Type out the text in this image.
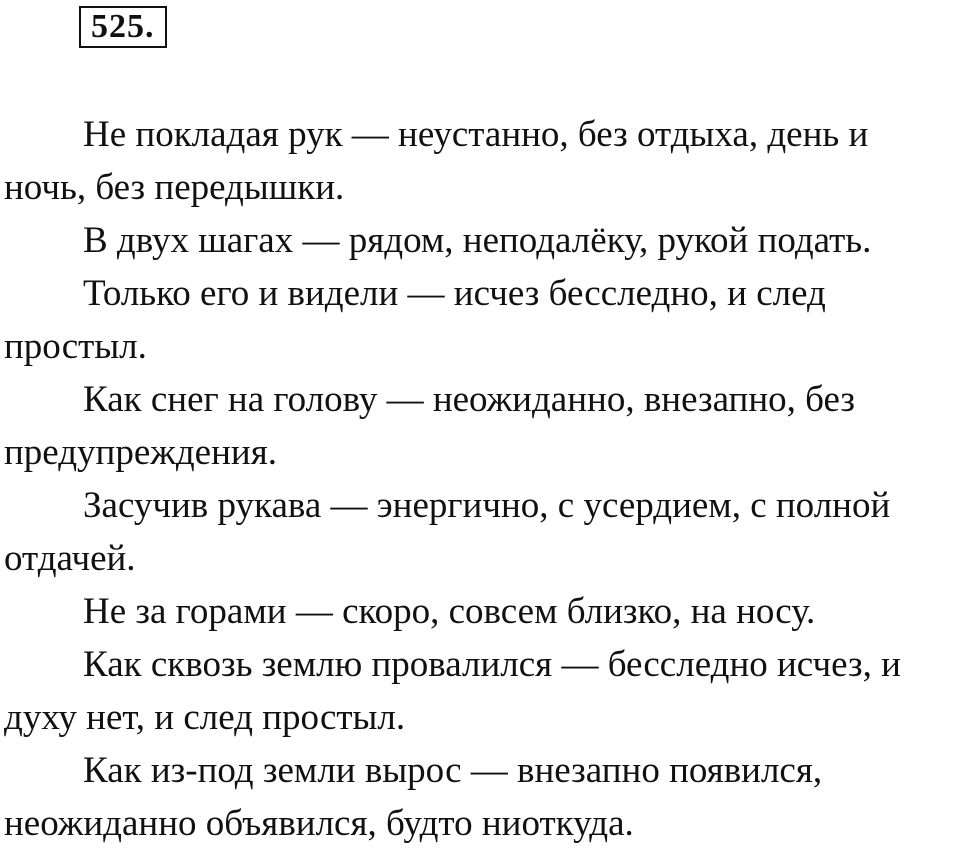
525.

Не покладая рук — неустанно, без отдыха, день и
ночь, без передышки.

В двух шагах — рядом, неподалёку, рукой подать.

Только его и видели — исчез бесследно, и след
простыл.

Как снег на голову — неожиданно, внезапно, без
предупреждения.

Засучив рукава — энергично, с усердием, с полной
отдачей.

Не за горами — скоро, совсем близко, на носу.

Как сквозь землю провалился — бесследно исчез, и
духу нет, и след простыл.

Как из-под земли вырос — внезапно появился,
неожиданно объявился, будто ниоткуда.
